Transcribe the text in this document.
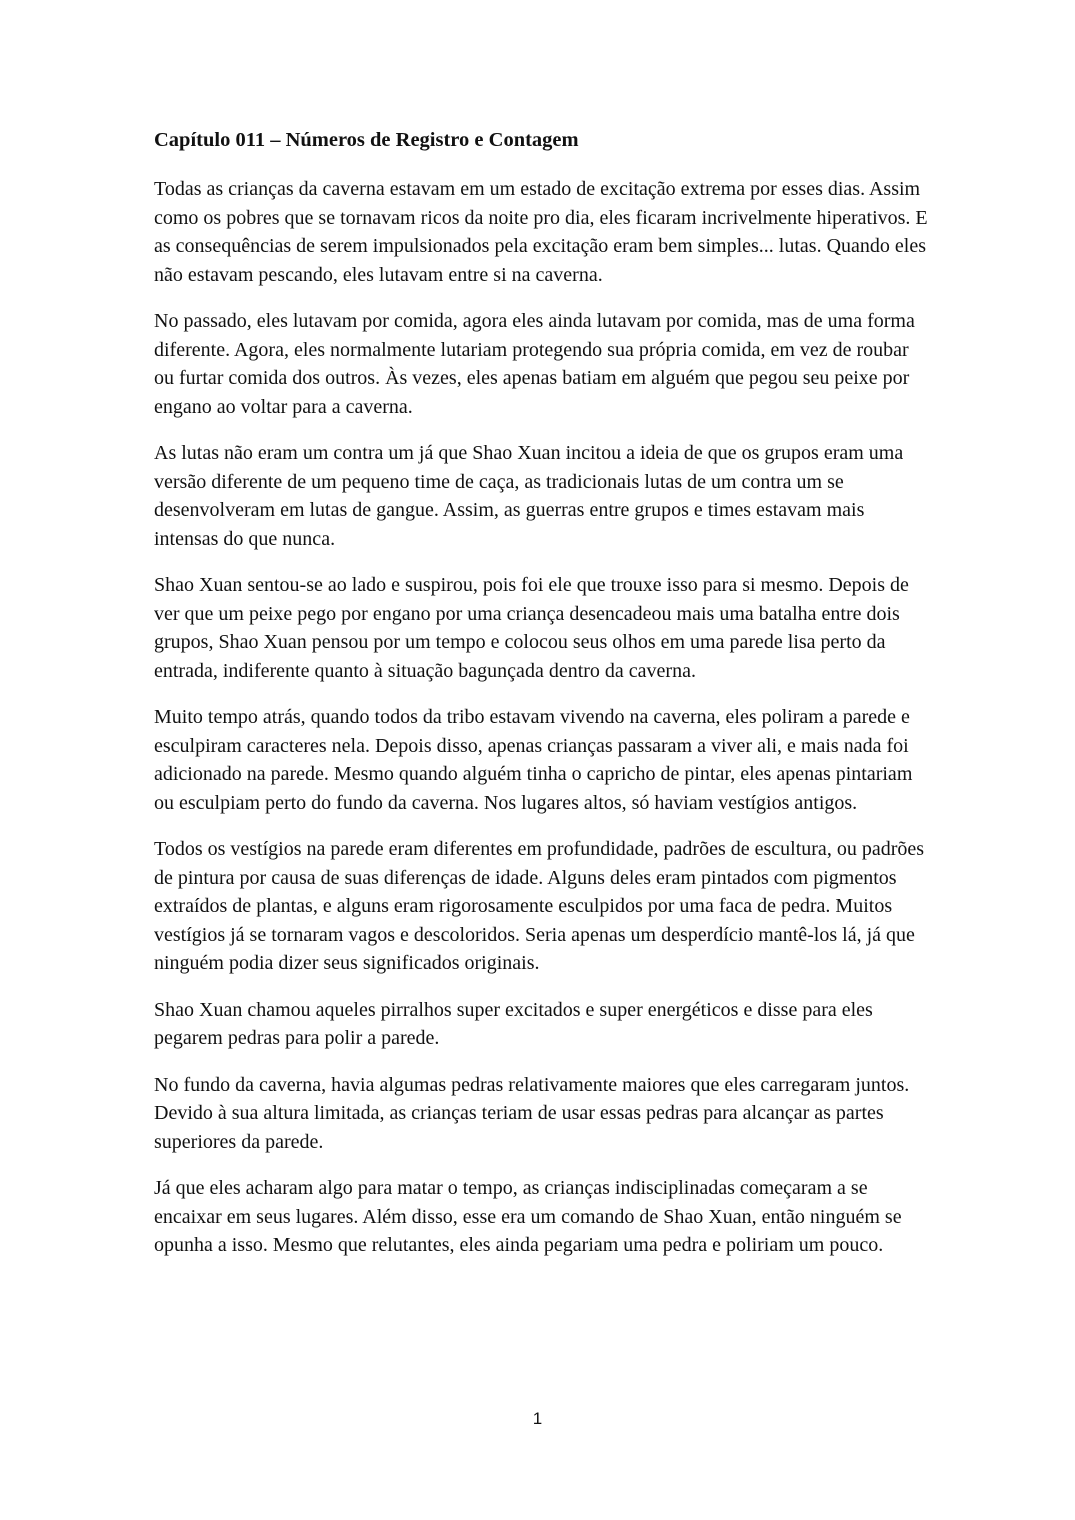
Capítulo 011 – Números de Registro e Contagem

Todas as crianças da caverna estavam em um estado de excitação extrema por esses dias. Assim como os pobres que se tornavam ricos da noite pro dia, eles ficaram incrivelmente hiperativos. E as consequências de serem impulsionados pela excitação eram bem simples... lutas. Quando eles não estavam pescando, eles lutavam entre si na caverna.

No passado, eles lutavam por comida, agora eles ainda lutavam por comida, mas de uma forma diferente. Agora, eles normalmente lutariam protegendo sua própria comida, em vez de roubar ou furtar comida dos outros. Às vezes, eles apenas batiam em alguém que pegou seu peixe por engano ao voltar para a caverna.

As lutas não eram um contra um já que Shao Xuan incitou a ideia de que os grupos eram uma versão diferente de um pequeno time de caça, as tradicionais lutas de um contra um se desenvolveram em lutas de gangue. Assim, as guerras entre grupos e times estavam mais intensas do que nunca.

Shao Xuan sentou-se ao lado e suspirou, pois foi ele que trouxe isso para si mesmo. Depois de ver que um peixe pego por engano por uma criança desencadeou mais uma batalha entre dois grupos, Shao Xuan pensou por um tempo e colocou seus olhos em uma parede lisa perto da entrada, indiferente quanto à situação bagunçada dentro da caverna.

Muito tempo atrás, quando todos da tribo estavam vivendo na caverna, eles poliram a parede e esculpiram caracteres nela. Depois disso, apenas crianças passaram a viver ali, e mais nada foi adicionado na parede. Mesmo quando alguém tinha o capricho de pintar, eles apenas pintariam ou esculpiam perto do fundo da caverna. Nos lugares altos, só haviam vestígios antigos.

Todos os vestígios na parede eram diferentes em profundidade, padrões de escultura, ou padrões de pintura por causa de suas diferenças de idade. Alguns deles eram pintados com pigmentos extraídos de plantas, e alguns eram rigorosamente esculpidos por uma faca de pedra. Muitos vestígios já se tornaram vagos e descoloridos. Seria apenas um desperdício mantê-los lá, já que ninguém podia dizer seus significados originais.

Shao Xuan chamou aqueles pirralhos super excitados e super energéticos e disse para eles pegarem pedras para polir a parede.

No fundo da caverna, havia algumas pedras relativamente maiores que eles carregaram juntos. Devido à sua altura limitada, as crianças teriam de usar essas pedras para alcançar as partes superiores da parede.

Já que eles acharam algo para matar o tempo, as crianças indisciplinadas começaram a se encaixar em seus lugares. Além disso, esse era um comando de Shao Xuan, então ninguém se opunha a isso. Mesmo que relutantes, eles ainda pegariam uma pedra e poliriam um pouco.

1
